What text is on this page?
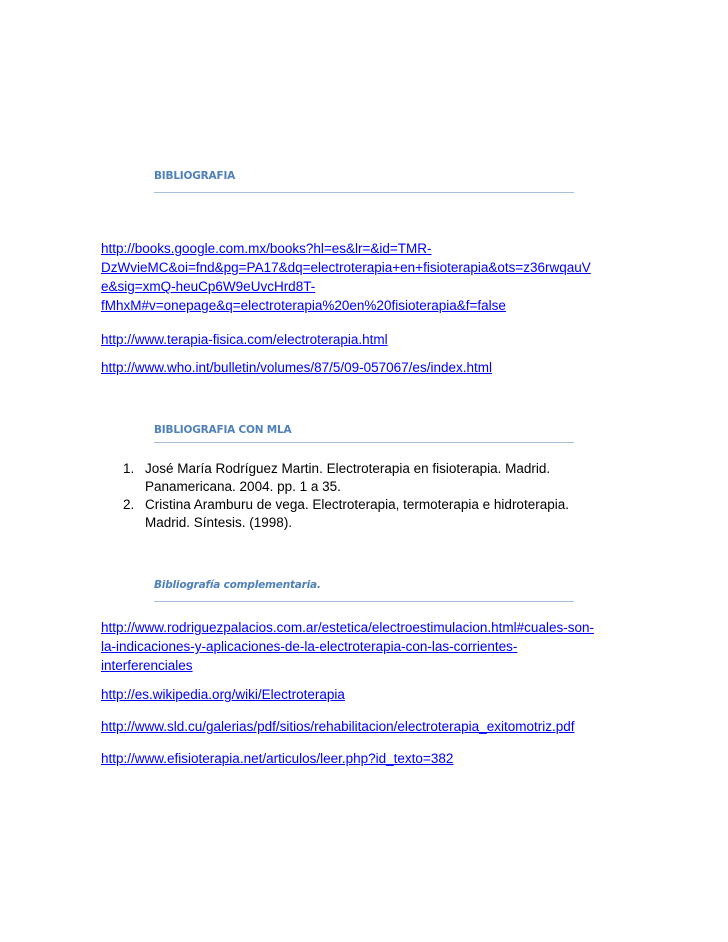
BIBLIOGRAFIA
http://books.google.com.mx/books?hl=es&lr=&id=TMR-
DzWvieMC&oi=fnd&pg=PA17&dq=electroterapia+en+fisioterapia&ots=z36rwqauV
e&sig=xmQ-heuCp6W9eUvcHrd8T-
fMhxM#v=onepage&q=electroterapia%20en%20fisioterapia&f=false
http://www.terapia-fisica.com/electroterapia.html
http://www.who.int/bulletin/volumes/87/5/09-057067/es/index.html
BIBLIOGRAFIA CON MLA
1. José María Rodríguez Martin. Electroterapia en fisioterapia. Madrid.
Panamericana. 2004. pp. 1 a 35.
2. Cristina Aramburu de vega. Electroterapia, termoterapia e hidroterapia.
Madrid. Síntesis. (1998).
Bibliografía complementaria.
http://www.rodriguezpalacios.com.ar/estetica/electroestimulacion.html#cuales-son-
la-indicaciones-y-aplicaciones-de-la-electroterapia-con-las-corrientes-
interferenciales
http://es.wikipedia.org/wiki/Electroterapia
http://www.sld.cu/galerias/pdf/sitios/rehabilitacion/electroterapia_exitomotriz.pdf
http://www.efisioterapia.net/articulos/leer.php?id_texto=382
